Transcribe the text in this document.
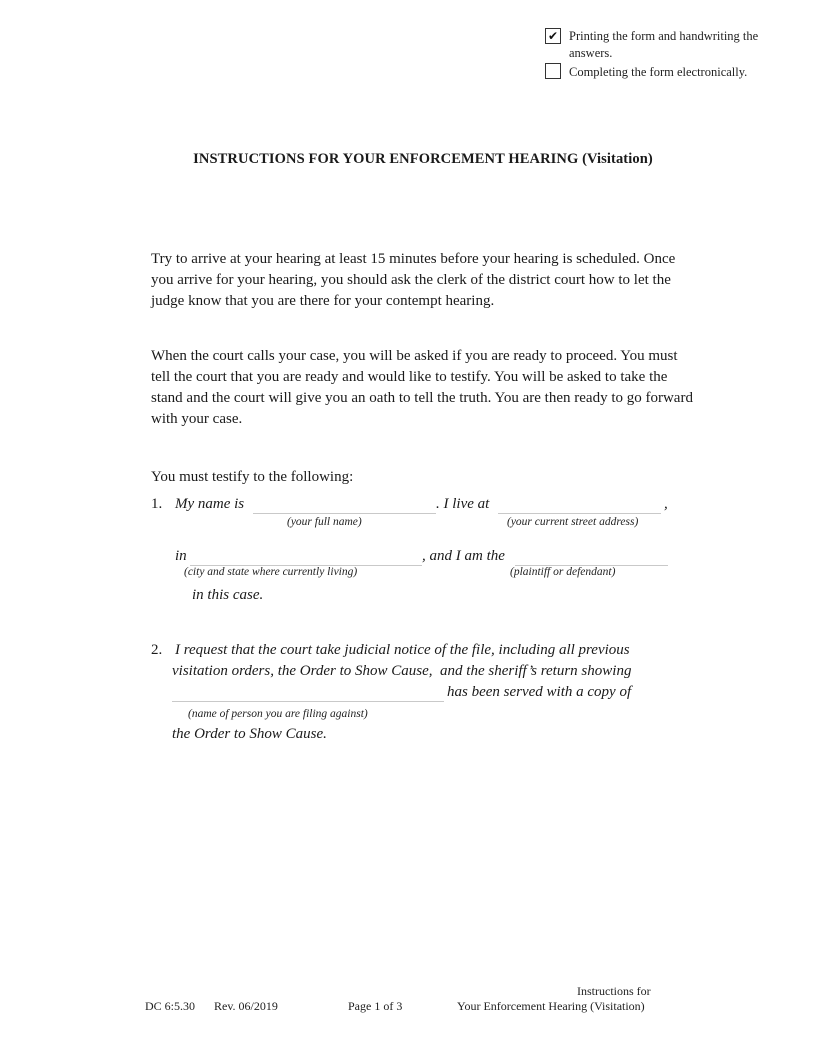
✔ Printing the form and handwriting the answers.
Completing the form electronically.
INSTRUCTIONS FOR YOUR ENFORCEMENT HEARING (Visitation)
Try to arrive at your hearing at least 15 minutes before your hearing is scheduled. Once you arrive for your hearing, you should ask the clerk of the district court how to let the judge know that you are there for your contempt hearing.
When the court calls your case, you will be asked if you are ready to proceed. You must tell the court that you are ready and would like to testify. You will be asked to take the stand and the court will give you an oath to tell the truth. You are then ready to go forward with your case.
You must testify to the following:
1. My name is	. I live at	,
(your full name)	(your current street address)
in	, and I am the
(city and state where currently living)	(plaintiff or defendant)
in this case.
2. I request that the court take judicial notice of the file, including all previous
visitation orders, the Order to Show Cause,  and the sheriff’s return showing
has been served with a copy of
(name of person you are filing against)
the Order to Show Cause.
Instructions for
DC 6:5.30 Rev. 06/2019	Page 1 of 3	Your Enforcement Hearing (Visitation)
